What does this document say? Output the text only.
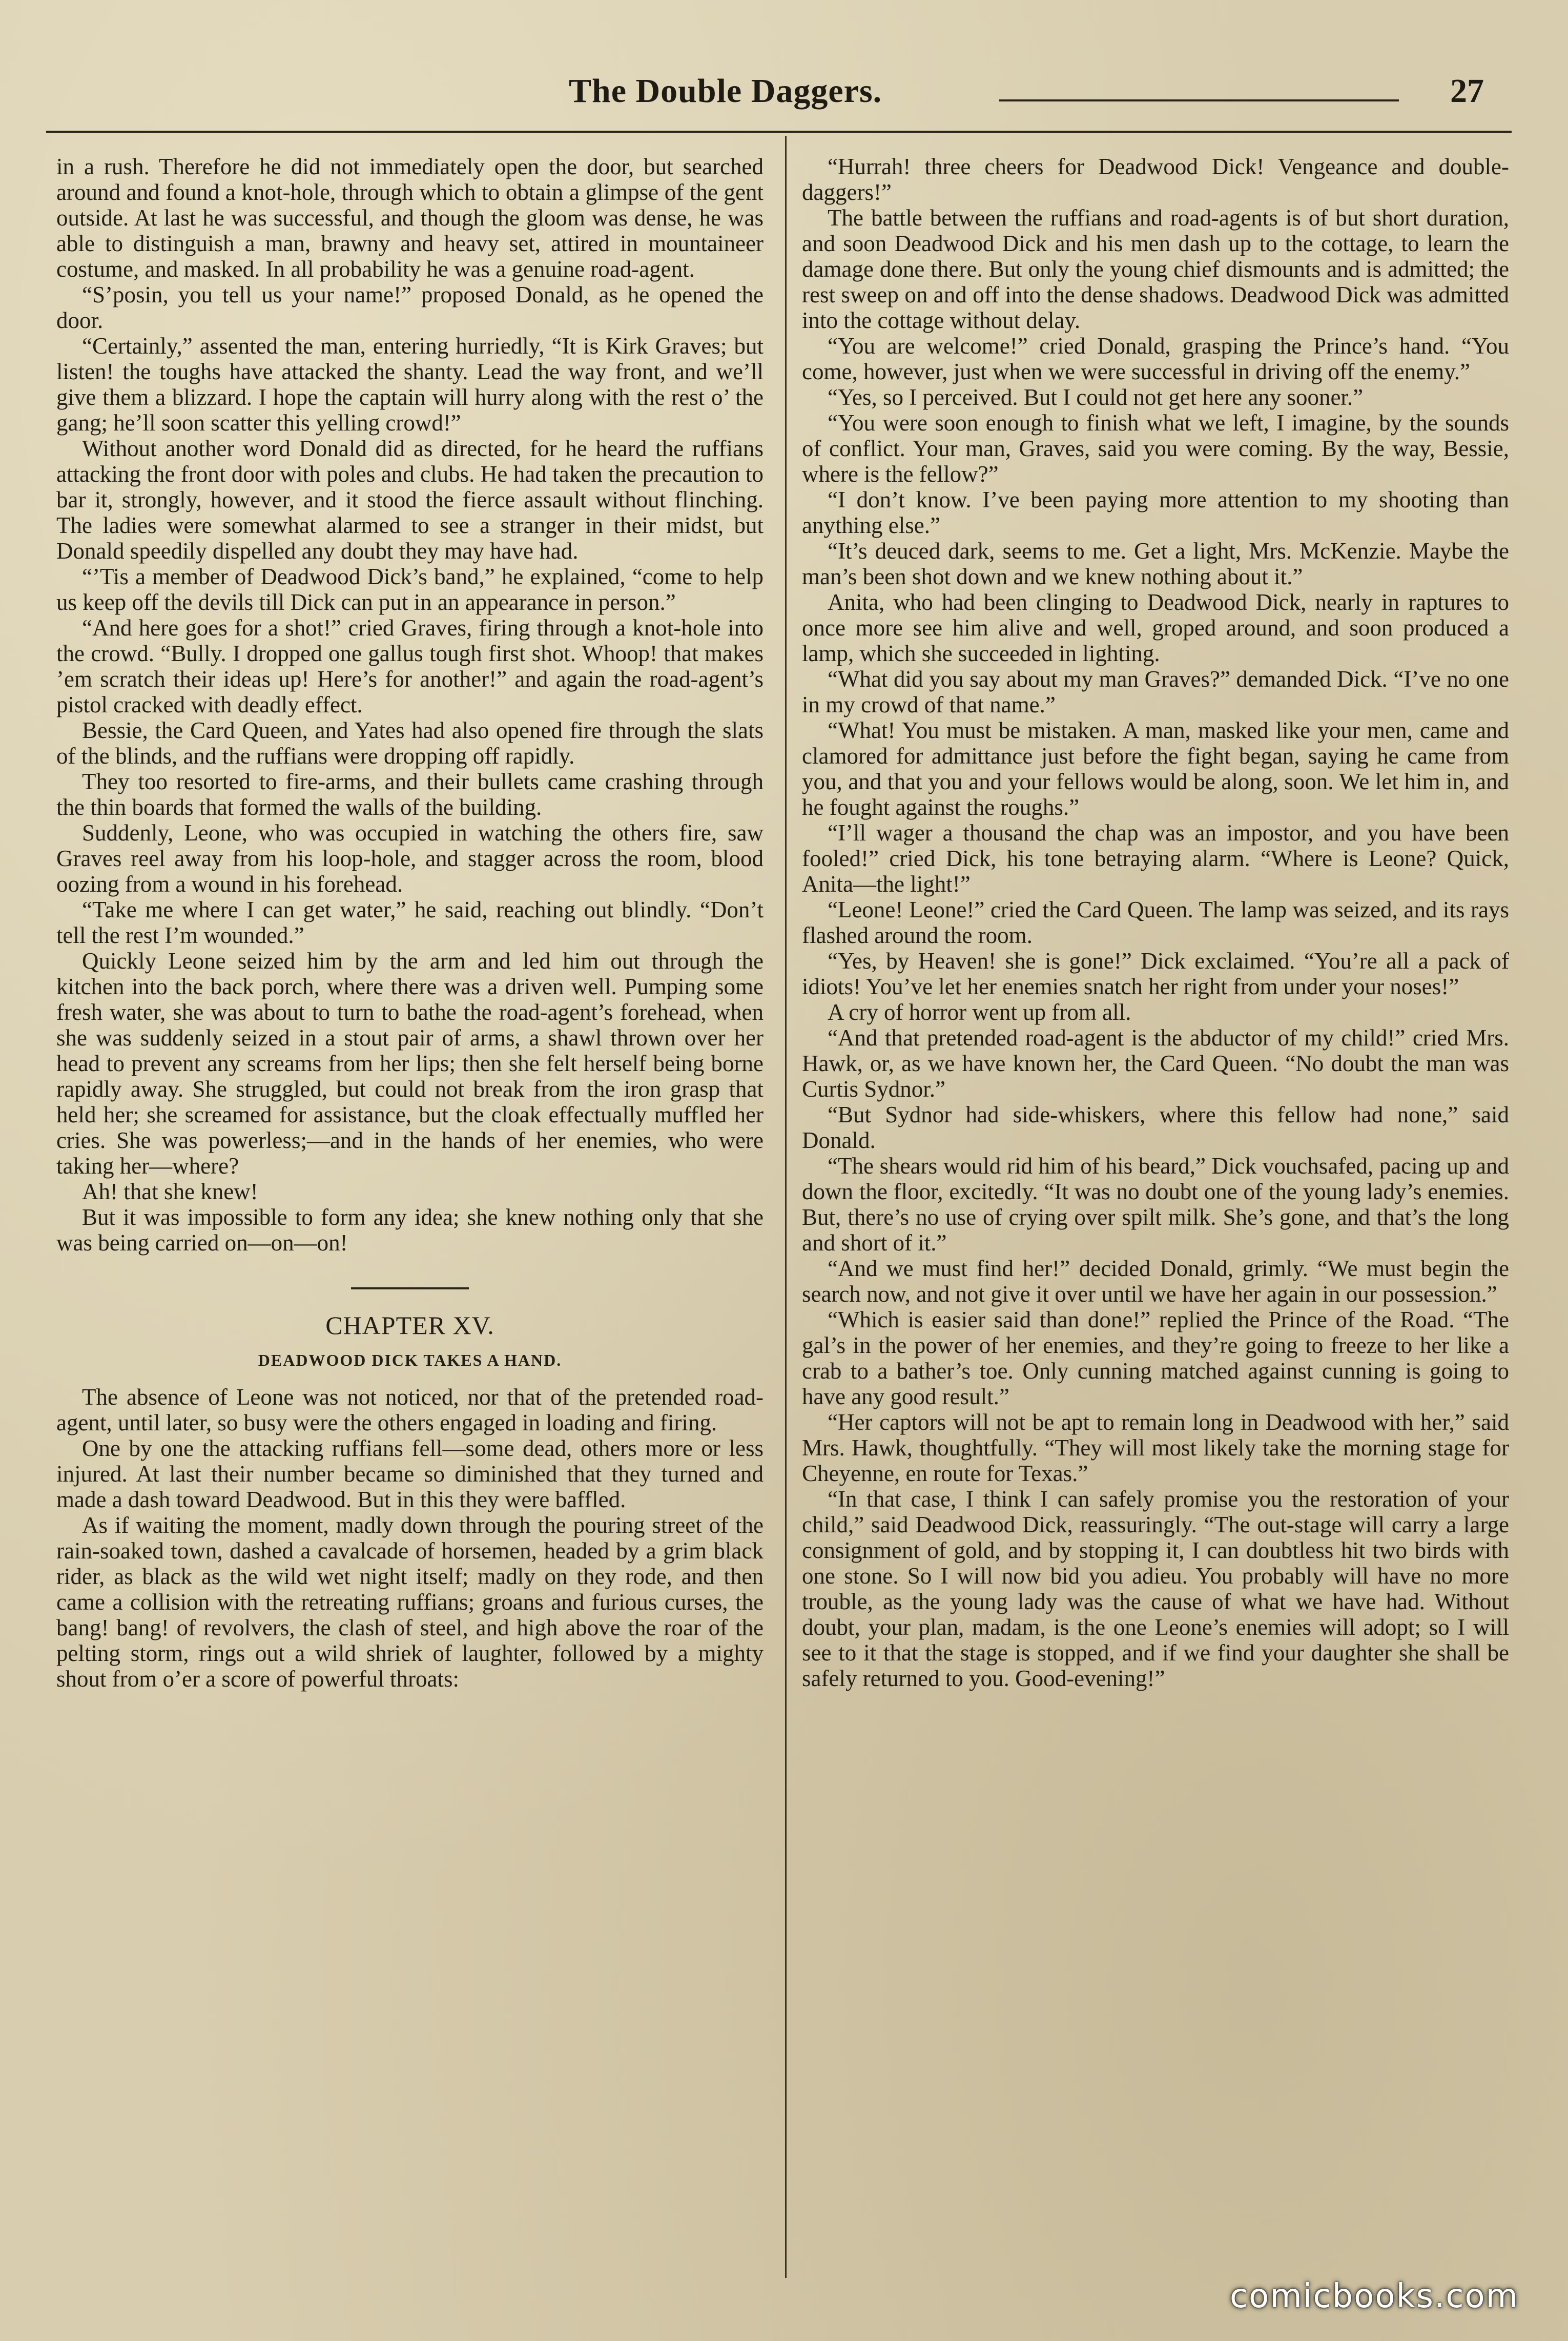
The Double Daggers.	27

in a rush. Therefore he did not immediately open the door, but searched around and found a knot-hole, through which to obtain a glimpse of the gent outside. At last he was successful, and though the gloom was dense, he was able to distinguish a man, brawny and heavy set, attired in mountaineer costume, and masked. In all probability he was a genuine road-agent.

“S’posin, you tell us your name!” proposed Donald, as he opened the door.

“Certainly,” assented the man, entering hurriedly, “It is Kirk Graves; but listen! the toughs have attacked the shanty. Lead the way front, and we’ll give them a blizzard. I hope the captain will hurry along with the rest o’ the gang; he’ll soon scatter this yelling crowd!”

Without another word Donald did as directed, for he heard the ruffians attacking the front door with poles and clubs. He had taken the precaution to bar it, strongly, however, and it stood the fierce assault without flinching. The ladies were somewhat alarmed to see a stranger in their midst, but Donald speedily dispelled any doubt they may have had.

“’Tis a member of Deadwood Dick’s band,” he explained, “come to help us keep off the devils till Dick can put in an appearance in person.”

“And here goes for a shot!” cried Graves, firing through a knot-hole into the crowd. “Bully. I dropped one gallus tough first shot. Whoop! that makes ’em scratch their ideas up! Here’s for another!” and again the road-agent’s pistol cracked with deadly effect.

Bessie, the Card Queen, and Yates had also opened fire through the slats of the blinds, and the ruffians were dropping off rapidly.

They too resorted to fire-arms, and their bullets came crashing through the thin boards that formed the walls of the building.

Suddenly, Leone, who was occupied in watching the others fire, saw Graves reel away from his loop-hole, and stagger across the room, blood oozing from a wound in his forehead.

“Take me where I can get water,” he said, reaching out blindly. “Don’t tell the rest I’m wounded.”

Quickly Leone seized him by the arm and led him out through the kitchen into the back porch, where there was a driven well. Pumping some fresh water, she was about to turn to bathe the road-agent’s forehead, when she was suddenly seized in a stout pair of arms, a shawl thrown over her head to prevent any screams from her lips; then she felt herself being borne rapidly away. She struggled, but could not break from the iron grasp that held her; she screamed for assistance, but the cloak effectually muffled her cries. She was powerless;—and in the hands of her enemies, who were taking her—where?

Ah! that she knew!

But it was impossible to form any idea; she knew nothing only that she was being carried on—on—on!

CHAPTER XV.
DEADWOOD DICK TAKES A HAND.

The absence of Leone was not noticed, nor that of the pretended road-agent, until later, so busy were the others engaged in loading and firing.

One by one the attacking ruffians fell—some dead, others more or less injured. At last their number became so diminished that they turned and made a dash toward Deadwood. But in this they were baffled.

As if waiting the moment, madly down through the pouring street of the rain-soaked town, dashed a cavalcade of horsemen, headed by a grim black rider, as black as the wild wet night itself; madly on they rode, and then came a collision with the retreating ruffians; groans and furious curses, the bang! bang! of revolvers, the clash of steel, and high above the roar of the pelting storm, rings out a wild shriek of laughter, followed by a mighty shout from o’er a score of powerful throats:

“Hurrah! three cheers for Deadwood Dick! Vengeance and double-daggers!”

The battle between the ruffians and road-agents is of but short duration, and soon Deadwood Dick and his men dash up to the cottage, to learn the damage done there. But only the young chief dismounts and is admitted; the rest sweep on and off into the dense shadows. Deadwood Dick was admitted into the cottage without delay.

“You are welcome!” cried Donald, grasping the Prince’s hand. “You come, however, just when we were successful in driving off the enemy.”

“Yes, so I perceived. But I could not get here any sooner.”

“You were soon enough to finish what we left, I imagine, by the sounds of conflict. Your man, Graves, said you were coming. By the way, Bessie, where is the fellow?”

“I don’t know. I’ve been paying more attention to my shooting than anything else.”

“It’s deuced dark, seems to me. Get a light, Mrs. McKenzie. Maybe the man’s been shot down and we knew nothing about it.”

Anita, who had been clinging to Deadwood Dick, nearly in raptures to once more see him alive and well, groped around, and soon produced a lamp, which she succeeded in lighting.

“What did you say about my man Graves?” demanded Dick. “I’ve no one in my crowd of that name.”

“What! You must be mistaken. A man, masked like your men, came and clamored for admittance just before the fight began, saying he came from you, and that you and your fellows would be along, soon. We let him in, and he fought against the roughs.”

“I’ll wager a thousand the chap was an impostor, and you have been fooled!” cried Dick, his tone betraying alarm. “Where is Leone? Quick, Anita—the light!”

“Leone! Leone!” cried the Card Queen. The lamp was seized, and its rays flashed around the room.

“Yes, by Heaven! she is gone!” Dick exclaimed. “You’re all a pack of idiots! You’ve let her enemies snatch her right from under your noses!”

A cry of horror went up from all.

“And that pretended road-agent is the abductor of my child!” cried Mrs. Hawk, or, as we have known her, the Card Queen. “No doubt the man was Curtis Sydnor.”

“But Sydnor had side-whiskers, where this fellow had none,” said Donald.

“The shears would rid him of his beard,” Dick vouchsafed, pacing up and down the floor, excitedly. “It was no doubt one of the young lady’s enemies. But, there’s no use of crying over spilt milk. She’s gone, and that’s the long and short of it.”

“And we must find her!” decided Donald, grimly. “We must begin the search now, and not give it over until we have her again in our possession.”

“Which is easier said than done!” replied the Prince of the Road. “The gal’s in the power of her enemies, and they’re going to freeze to her like a crab to a bather’s toe. Only cunning matched against cunning is going to have any good result.”

“Her captors will not be apt to remain long in Deadwood with her,” said Mrs. Hawk, thoughtfully. “They will most likely take the morning stage for Cheyenne, en route for Texas.”

“In that case, I think I can safely promise you the restoration of your child,” said Deadwood Dick, reassuringly. “The out-stage will carry a large consignment of gold, and by stopping it, I can doubtless hit two birds with one stone. So I will now bid you adieu. You probably will have no more trouble, as the young lady was the cause of what we have had. Without doubt, your plan, madam, is the one Leone’s enemies will adopt; so I will see to it that the stage is stopped, and if we find your daughter she shall be safely returned to you. Good-evening!”

comicbooks.com
